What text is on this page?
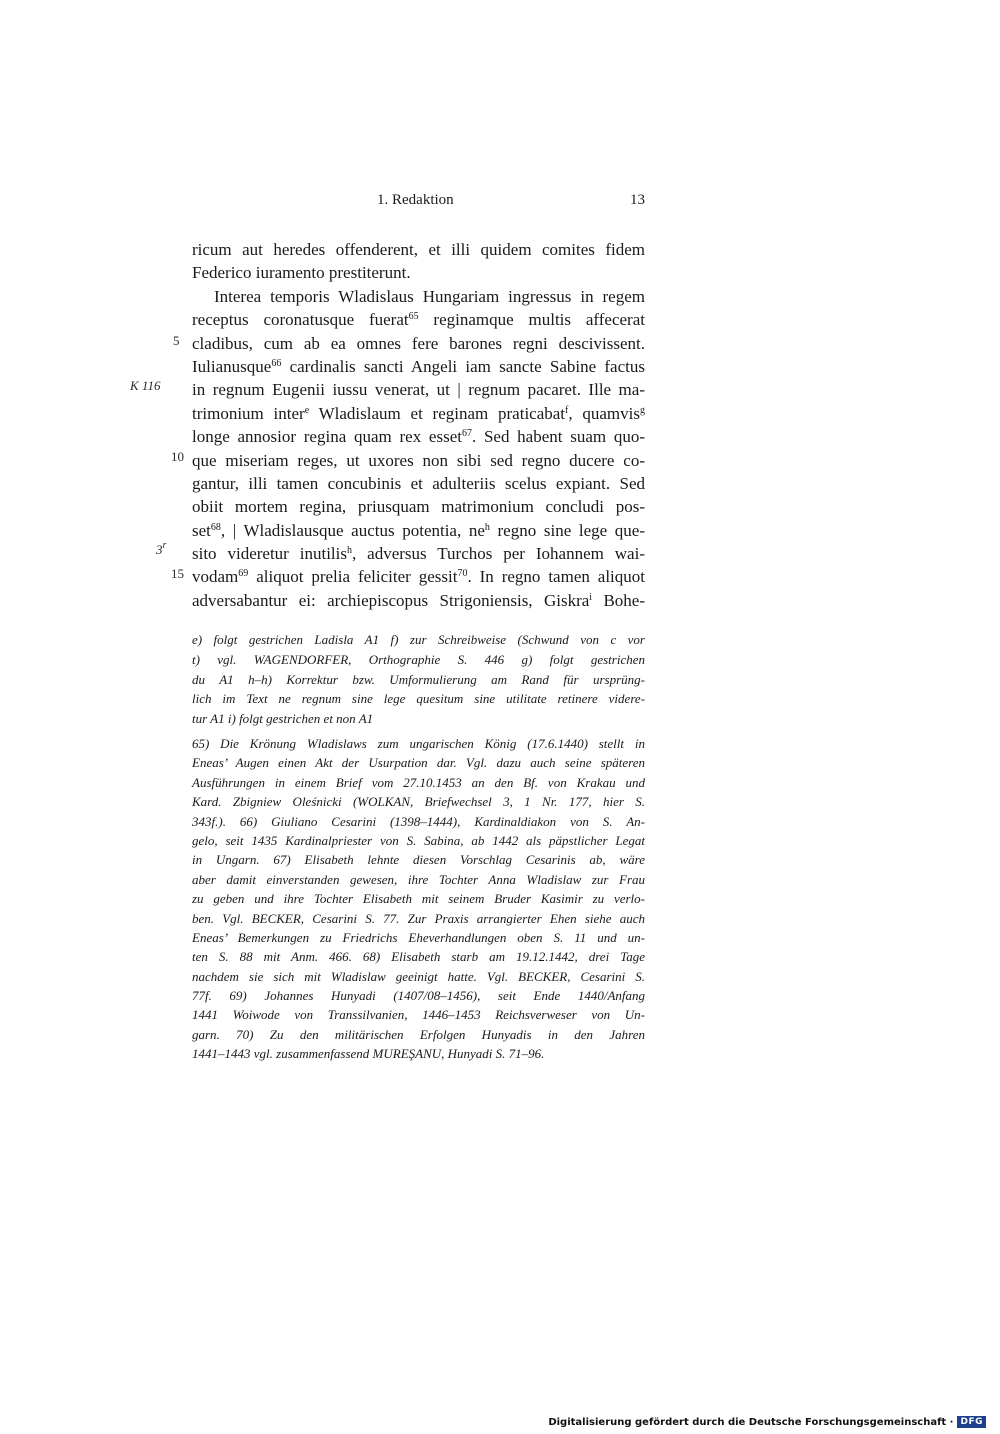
1. Redaktion	13
5
K 116
10
3$^r$
15
ricum aut heredes offenderent, et illi quidem comites fidem
Federico iuramento prestiterunt.
Interea temporis Wladislaus Hungariam ingressus in regem
receptus coronatusque fuerat$^{65}$ reginamque multis affecerat
cladibus, cum ab ea omnes fere barones regni descivissent.
Iulianusque$^{66}$ cardinalis sancti Angeli iam sancte Sabine factus
in regnum Eugenii iussu venerat, ut | regnum pacaret. Ille ma-
trimonium inter$^e$ Wladislaum et reginam praticabat$^f$, quamvis$^g$
longe annosior regina quam rex esset$^{67}$. Sed habent suam quo-
que miseriam reges, ut uxores non sibi sed regno ducere co-
gantur, illi tamen concubinis et adulteriis scelus expiant. Sed
obiit mortem regina, priusquam matrimonium concludi pos-
set$^{68}$, | Wladislausque auctus potentia, $ne^h$ regno sine lege que-
sito videretur inutilis$^h$, adversus Turchos per Iohannem wai-
vodam$^{69}$ aliquot prelia feliciter gessit$^{70}$. In regno tamen aliquot
adversabantur ei: archiepiscopus Strigoniensis, Giskra$^i$ Bohe-
e) folgt gestrichen Ladisla A1 f) zur Schreibweise (Schwund von c vor
t) vgl. WAGENDORFER, Orthographie S. 446 g) folgt gestrichen
du A1 h–h) Korrektur bzw. Umformulierung am Rand für ursprüng-
lich im Text ne regnum sine lege quesitum sine utilitate retinere videre-
tur A1 i) folgt gestrichen et non A1
65) Die Krönung Wladislaws zum ungarischen König (17.6.1440) stellt in
Eneas’ Augen einen Akt der Usurpation dar. Vgl. dazu auch seine späteren
Ausführungen in einem Brief vom 27.10.1453 an den Bf. von Krakau und
Kard. Zbigniew Oleśnicki (WOLKAN, Briefwechsel 3, 1 Nr. 177, hier S.
343f.). 66) Giuliano Cesarini (1398–1444), Kardinaldiakon von S. An-
gelo, seit 1435 Kardinalpriester von S. Sabina, ab 1442 als päpstlicher Legat
in Ungarn. 67) Elisabeth lehnte diesen Vorschlag Cesarinis ab, wäre
aber damit einverstanden gewesen, ihre Tochter Anna Wladislaw zur Frau
zu geben und ihre Tochter Elisabeth mit seinem Bruder Kasimir zu verlo-
ben. Vgl. BECKER, Cesarini S. 77. Zur Praxis arrangierter Ehen siehe auch
Eneas’ Bemerkungen zu Friedrichs Eheverhandlungen oben S. 11 und un-
ten S. 88 mit Anm. 466. 68) Elisabeth starb am 19.12.1442, drei Tage
nachdem sie sich mit Wladislaw geeinigt hatte. Vgl. BECKER, Cesarini S.
77f. 69) Johannes Hunyadi (1407/08–1456), seit Ende 1440/Anfang
1441 Woiwode von Transsilvanien, 1446–1453 Reichsverweser von Un-
garn. 70) Zu den militärischen Erfolgen Hunyadis in den Jahren
1441–1443 vgl. zusammenfassend MUREŞANU, Hunyadi S. 71–96.
Digitalisierung gefördert durch die Deutsche Forschungsgemeinschaft · DFG
